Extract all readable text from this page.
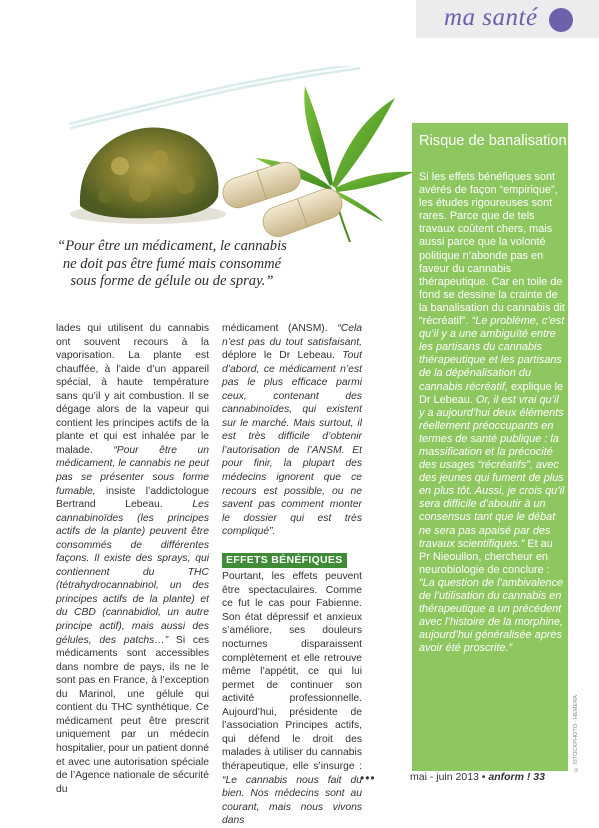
ma santé
“Pour être un médicament, le cannabis ne doit pas être fumé mais consommé sous forme de gélule ou de spray.”

lades qui utilisent du cannabis ont souvent recours à la vaporisation. La plante est chauffée, à l’aide d’un appareil spécial, à haute température sans qu’il y ait combustion. Il se dégage alors de la vapeur qui contient les principes actifs de la plante et qui est inhalée par le malade. “Pour être un médicament, le cannabis ne peut pas se présenter sous forme fumable, insiste l’addictologue Bertrand Lebeau. Les cannabinoïdes (les principes actifs de la plante) peuvent être consommés de différentes façons. Il existe des sprays, qui contiennent du THC (tétrahydrocannabinol, un des principes actifs de la plante) et du CBD (cannabidiol, un autre principe actif), mais aussi des gélules, des patchs…” Si ces médicaments sont accessibles dans nombre de pays, ils ne le sont pas en France, à l’exception du Marinol, une gélule qui contient du THC synthétique. Ce médicament peut être prescrit uniquement par un médecin hospitalier, pour un patient donné et avec une autorisation spéciale de l’Agence nationale de sécurité du

médicament (ANSM). “Cela n’est pas du tout satisfaisant, déplore le Dr Lebeau. Tout d’abord, ce médicament n’est pas le plus efficace parmi ceux, contenant des cannabinoïdes, qui existent sur le marché. Mais surtout, il est très difficile d’obtenir l’autorisation de l’ANSM. Et pour finir, la plupart des médecins ignorent que ce recours est possible, ou ne savent pas comment monter le dossier qui est très compliqué”.

EFFETS BÉNÉFIQUES

Pourtant, les effets peuvent être spectaculaires. Comme ce fut le cas pour Fabienne. Son état dépressif et anxieux s’améliore, ses douleurs nocturnes disparaissent complètement et elle retrouve même l’appétit, ce qui lui permet de continuer son activité professionnelle. Aujourd’hui, présidente de l’association Principes actifs, qui défend le droit des malades à utiliser du cannabis thérapeutique, elle s’insurge : “Le cannabis nous fait du bien. Nos médecins sont au courant, mais nous vivons dans

•••
Risque de banalisation
Si les effets bénéfiques sont avérés de façon “empirique”, les études rigoureuses sont rares. Parce que de tels travaux coûtent chers, mais aussi parce que la volonté politique n’abonde pas en faveur du cannabis thérapeutique. Car en toile de fond se dessine la crainte de la banalisation du cannabis dit “récréatif”. “Le problème, c’est qu’il y a une ambiguïté entre les partisans du cannabis thérapeutique et les partisans de la dépénalisation du cannabis récréatif, explique le Dr Lebeau. Or, il est vrai qu’il y a aujourd’hui deux éléments réellement préoccupants en termes de santé publique : la massification et la précocité des usages “récréatifs”, avec des jeunes qui fument de plus en plus tôt. Aussi, je crois qu’il sera difficile d’aboutir à un consensus tant que le débat ne sera pas apaisé par des travaux scientifiques.” Et au Pr Nieoullon, chercheur en neurobiologie de conclure : “La question de l’ambivalence de l’utilisation du cannabis en thérapeutique a un précédent avec l’histoire de la morphine, aujourd’hui généralisée après avoir été proscrite.”
© ISTOCKPHOTO - HEMERA
mai - juin 2013 • anform ! 33
